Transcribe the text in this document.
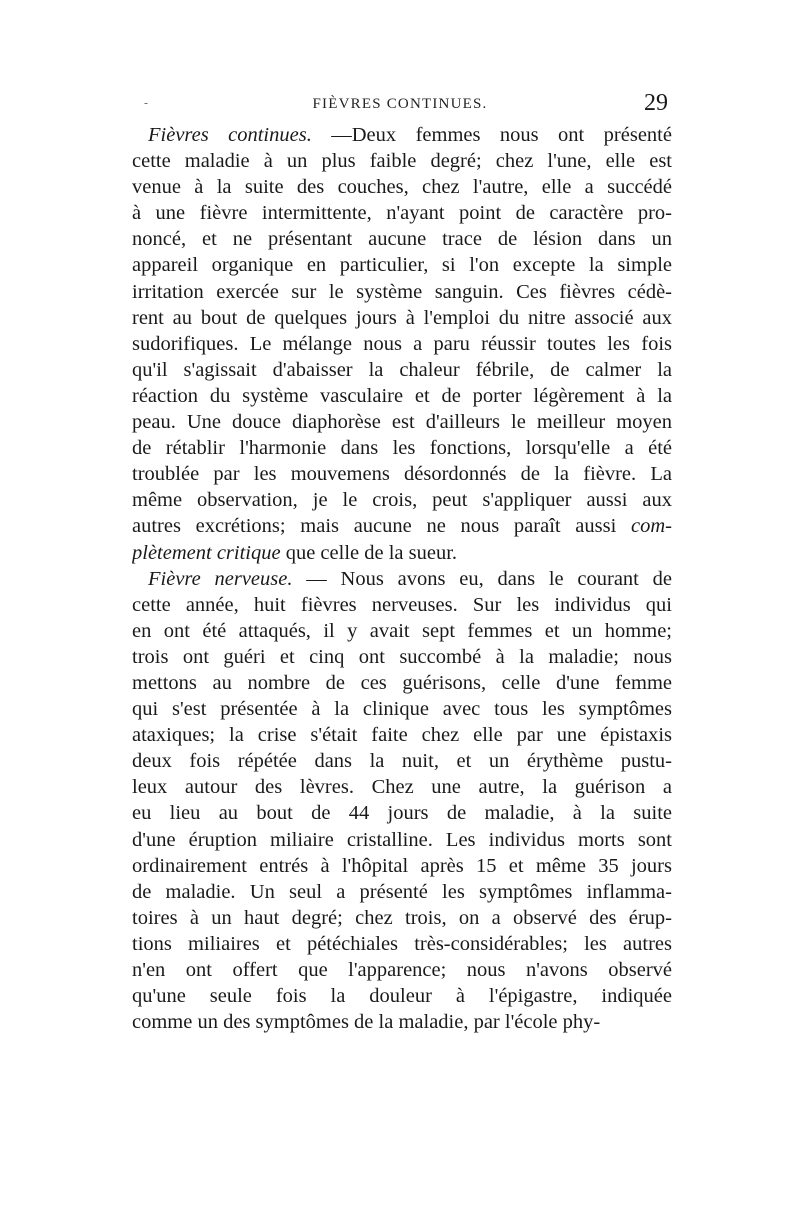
-	FIÈVRES CONTINUES.	29
Fièvres continues. —Deux femmes nous ont présenté
cette maladie à un plus faible degré; chez l'une, elle est
venue à la suite des couches, chez l'autre, elle a succédé
à une fièvre intermittente, n'ayant point de caractère pro-
noncé, et ne présentant aucune trace de lésion dans un
appareil organique en particulier, si l'on excepte la simple
irritation exercée sur le système sanguin. Ces fièvres cédè-
rent au bout de quelques jours à l'emploi du nitre associé aux
sudorifiques. Le mélange nous a paru réussir toutes les fois
qu'il s'agissait d'abaisser la chaleur fébrile, de calmer la
réaction du système vasculaire et de porter légèrement à la
peau. Une douce diaphorèse est d'ailleurs le meilleur moyen
de rétablir l'harmonie dans les fonctions, lorsqu'elle a été
troublée par les mouvemens désordonnés de la fièvre. La
même observation, je le crois, peut s'appliquer aussi aux
autres excrétions; mais aucune ne nous paraît aussi com-
plètement critique que celle de la sueur.
Fièvre nerveuse. — Nous avons eu, dans le courant de
cette année, huit fièvres nerveuses. Sur les individus qui
en ont été attaqués, il y avait sept femmes et un homme;
trois ont guéri et cinq ont succombé à la maladie; nous
mettons au nombre de ces guérisons, celle d'une femme
qui s'est présentée à la clinique avec tous les symptômes
ataxiques; la crise s'était faite chez elle par une épistaxis
deux fois répétée dans la nuit, et un érythème pustu-
leux autour des lèvres. Chez une autre, la guérison a
eu lieu au bout de 44 jours de maladie, à la suite
d'une éruption miliaire cristalline. Les individus morts sont
ordinairement entrés à l'hôpital après 15 et même 35 jours
de maladie. Un seul a présenté les symptômes inflamma-
toires à un haut degré; chez trois, on a observé des érup-
tions miliaires et pétéchiales très-considérables; les autres
n'en ont offert que l'apparence; nous n'avons observé
qu'une seule fois la douleur à l'épigastre, indiquée
comme un des symptômes de la maladie, par l'école phy-
